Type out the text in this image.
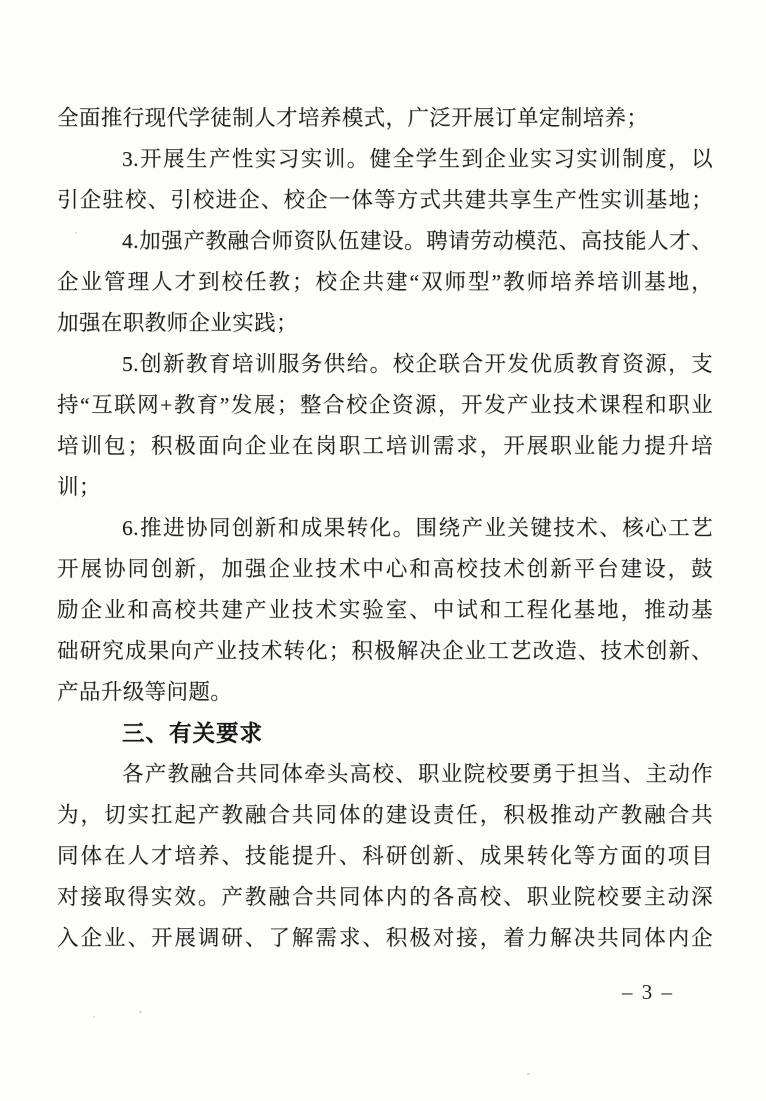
全面推行现代学徒制人才培养模式，广泛开展订单定制培养；
3.开展生产性实习实训。健全学生到企业实习实训制度，以
引企驻校、引校进企、校企一体等方式共建共享生产性实训基地；
4.加强产教融合师资队伍建设。聘请劳动模范、高技能人才、
企业管理人才到校任教；校企共建“双师型”教师培养培训基地，
加强在职教师企业实践；
5.创新教育培训服务供给。校企联合开发优质教育资源，支
持“互联网+教育”发展；整合校企资源，开发产业技术课程和职业
培训包；积极面向企业在岗职工培训需求，开展职业能力提升培
训；
6.推进协同创新和成果转化。围绕产业关键技术、核心工艺
开展协同创新，加强企业技术中心和高校技术创新平台建设，鼓
励企业和高校共建产业技术实验室、中试和工程化基地，推动基
础研究成果向产业技术转化；积极解决企业工艺改造、技术创新、
产品升级等问题。
三、有关要求
各产教融合共同体牵头高校、职业院校要勇于担当、主动作
为，切实扛起产教融合共同体的建设责任，积极推动产教融合共
同体在人才培养、技能提升、科研创新、成果转化等方面的项目
对接取得实效。产教融合共同体内的各高校、职业院校要主动深
入企业、开展调研、了解需求、积极对接，着力解决共同体内企
– 3 –
